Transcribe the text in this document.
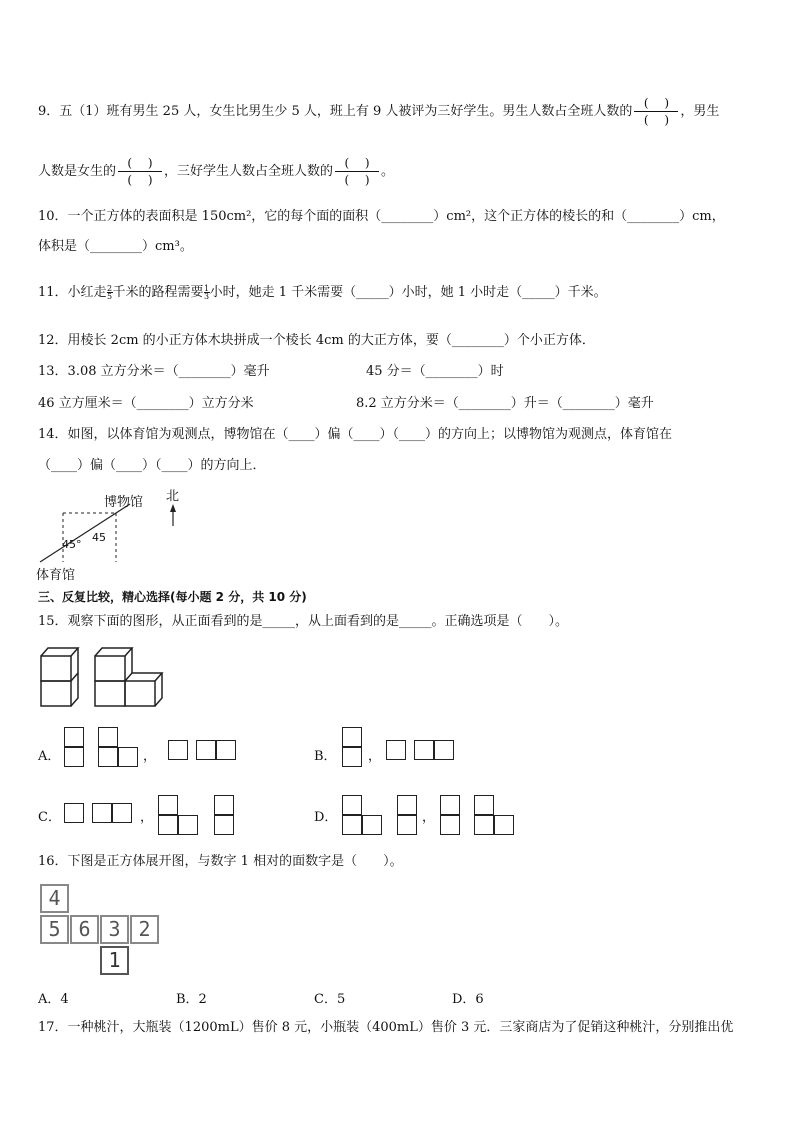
9．五（1）班有男生 25 人，女生比男生少 5 人，班上有 9 人被评为三好学生。男生人数占全班人数的 $\frac{( )}{( )}$ ，男生
人数是女生的 $\frac{( )}{( )}$ ，三好学生人数占全班人数的 $\frac{( )}{( )}$ 。
10．一个正方体的表面积是 150cm²，它的每个面的面积（________）cm²，这个正方体的棱长的和（________）cm，
体积是（________）cm³。
11．小红走 $\frac{2}{5}$ 千米的路程需要 $\frac{1}{3}$ 小时，她走 1 千米需要（_____）小时，她 1 小时走（_____）千米。
12．用棱长 2cm 的小正方体木块拼成一个棱长 4cm 的大正方体，要（________）个小正方体．
13．3.08 立方分米＝（________）毫升	45 分＝（________）时
46 立方厘米＝（________）立方分米	8.2 立方分米＝（________）升＝（________）毫升
14．如图，以体育馆为观测点，博物馆在（____）偏（____）（____）的方向上；以博物馆为观测点，体育馆在
（____）偏（____）（____）的方向上．
博物馆 北
体育馆
45°
45
三、反复比较，精心选择(每小题 2 分，共 10 分)
15．观察下面的图形，从正面看到的是_____，从上面看到的是_____。正确选项是（　　）。
A．	，	B． ，
C．	，	D．	，
16．下图是正方体展开图，与数字 1 相对的面数字是（　　）。
4
5 6 3 2
1
A．4	B．2	C．5	D．6
17．一种桃汁，大瓶装（1200mL）售价 8 元，小瓶装（400mL）售价 3 元．三家商店为了促销这种桃汁，分别推出优
